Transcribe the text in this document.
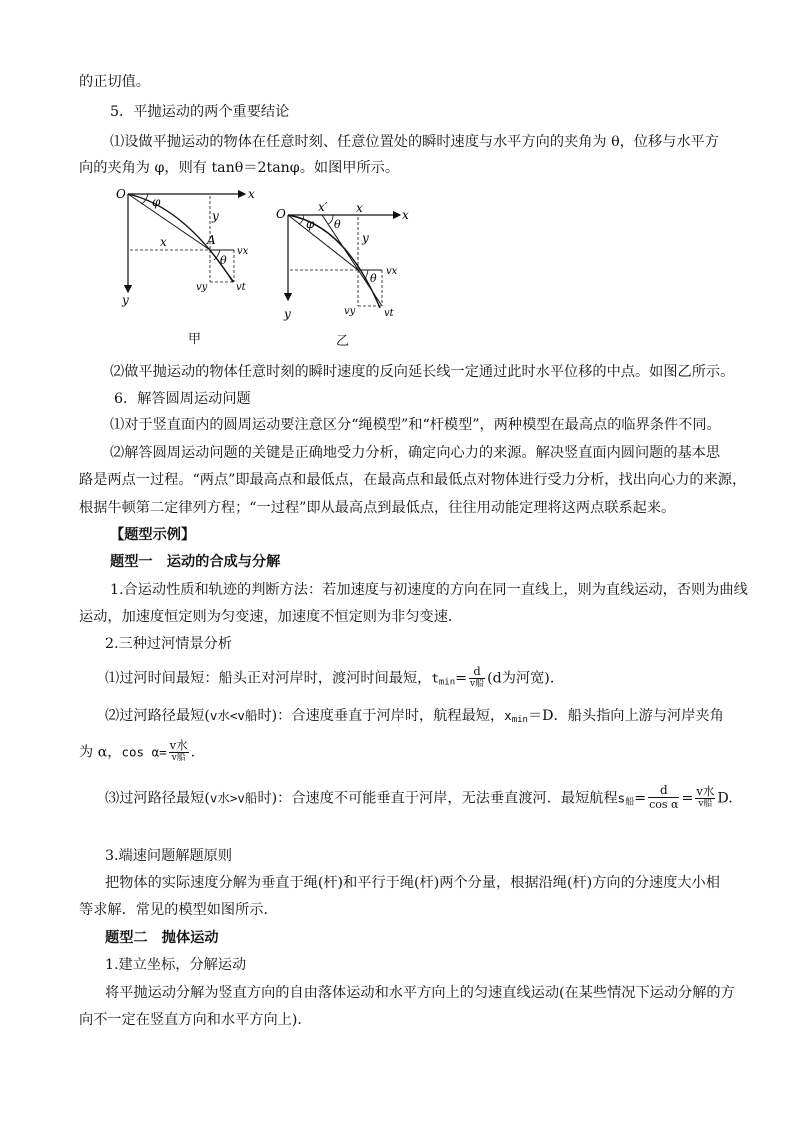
的正切值。
5．平抛运动的两个重要结论
⑴设做平抛运动的物体在任意时刻、任意位置处的瞬时速度与水平方向的夹角为 θ，位移与水平方
向的夹角为 φ，则有 tanθ＝2tanφ。如图甲所示。
O	x
y
φ
y
x	A
θ
vx
vy	vt
甲
O	x
x
x′
y
φ θ
y
θ
vx
vy	vt
乙
⑵做平抛运动的物体任意时刻的瞬时速度的反向延长线一定通过此时水平位移的中点。如图乙所示。
6．解答圆周运动问题
⑴对于竖直面内的圆周运动要注意区分“绳模型”和“杆模型”，两种模型在最高点的临界条件不同。
⑵解答圆周运动问题的关键是正确地受力分析，确定向心力的来源。解决竖直面内圆问题的基本思
路是两点一过程。“两点”即最高点和最低点，在最高点和最低点对物体进行受力分析，找出向心力的来源，
根据牛顿第二定律列方程；“一过程”即从最高点到最低点，往往用动能定理将这两点联系起来。
【题型示例】
题型一　运动的合成与分解
1.合运动性质和轨迹的判断方法：若加速度与初速度的方向在同一直线上，则为直线运动，否则为曲线
运动，加速度恒定则为匀变速，加速度不恒定则为非匀变速．
2.三种过河情景分析
⑴过河时间最短：船头正对河岸时，渡河时间最短，$t_{min}= \frac{d}{\text{v船}} (d$为河宽)．
⑵过河路径最短(v水<v船时)：合速度垂直于河岸时，航程最短，$x_{min}=D$．船头指向上游与河岸夹角
为 α，$\cos \alpha= \frac{\text{v水}}{\text{v船}}$ .
⑶过河路径最短(v水>v船时)：合速度不可能垂直于河岸，无法垂直渡河．最短航程$s_船= \frac{d}{\text{cos α}} = \frac{\text{v水}}{\text{v船}} D$.
3.端速问题解题原则
把物体的实际速度分解为垂直于绳(杆)和平行于绳(杆)两个分量，根据沿绳(杆)方向的分速度大小相
等求解．常见的模型如图所示．
题型二　抛体运动
1.建立坐标，分解运动
将平抛运动分解为竖直方向的自由落体运动和水平方向上的匀速直线运动(在某些情况下运动分解的方
向不一定在竖直方向和水平方向上)．
